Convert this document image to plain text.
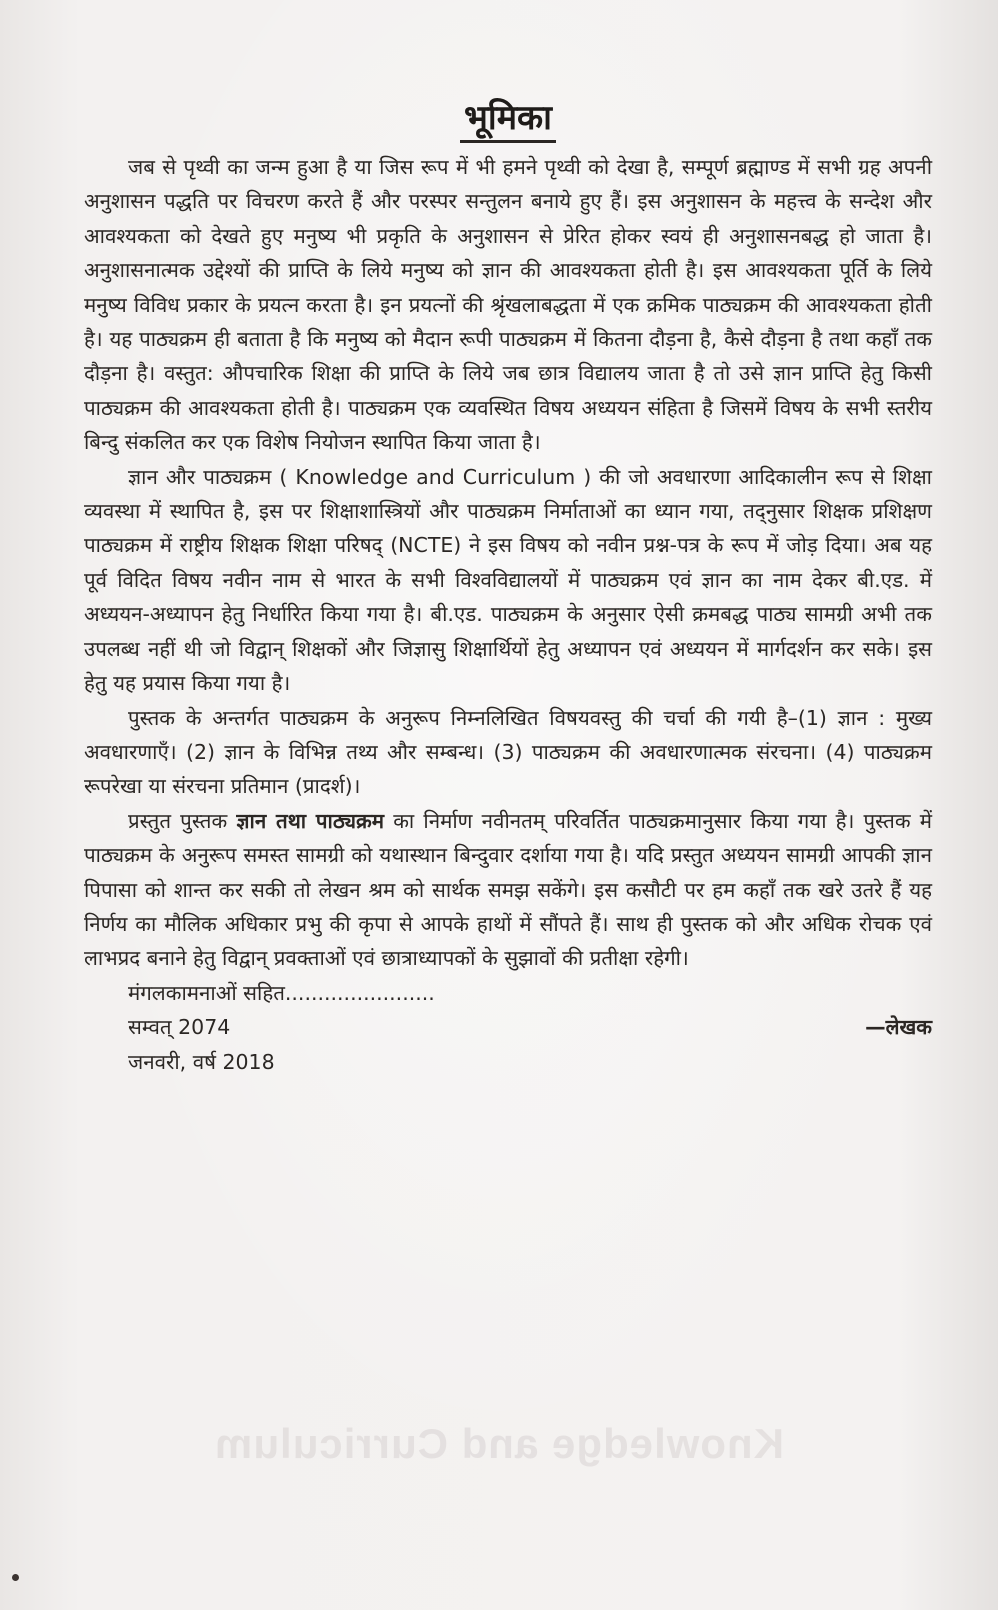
भूमिका

जब से पृथ्वी का जन्म हुआ है या जिस रूप में भी हमने पृथ्वी को देखा है, सम्पूर्ण ब्रह्माण्ड में सभी ग्रह अपनी अनुशासन पद्धति पर विचरण करते हैं और परस्पर सन्तुलन बनाये हुए हैं। इस अनुशासन के महत्त्व के सन्देश और आवश्यकता को देखते हुए मनुष्य भी प्रकृति के अनुशासन से प्रेरित होकर स्वयं ही अनुशासनबद्ध हो जाता है। अनुशासनात्मक उद्देश्यों की प्राप्ति के लिये मनुष्य को ज्ञान की आवश्यकता होती है। इस आवश्यकता पूर्ति के लिये मनुष्य विविध प्रकार के प्रयत्न करता है। इन प्रयत्नों की श्रृंखलाबद्धता में एक क्रमिक पाठ्यक्रम की आवश्यकता होती है। यह पाठ्यक्रम ही बताता है कि मनुष्य को मैदान रूपी पाठ्यक्रम में कितना दौड़ना है, कैसे दौड़ना है तथा कहाँ तक दौड़ना है। वस्तुत: औपचारिक शिक्षा की प्राप्ति के लिये जब छात्र विद्यालय जाता है तो उसे ज्ञान प्राप्ति हेतु किसी पाठ्यक्रम की आवश्यकता होती है। पाठ्यक्रम एक व्यवस्थित विषय अध्ययन संहिता है जिसमें विषय के सभी स्तरीय बिन्दु संकलित कर एक विशेष नियोजन स्थापित किया जाता है।

ज्ञान और पाठ्यक्रम ( Knowledge and Curriculum ) की जो अवधारणा आदिकालीन रूप से शिक्षा व्यवस्था में स्थापित है, इस पर शिक्षाशास्त्रियों और पाठ्यक्रम निर्माताओं का ध्यान गया, तद्नुसार शिक्षक प्रशिक्षण पाठ्यक्रम में राष्ट्रीय शिक्षक शिक्षा परिषद् (NCTE) ने इस विषय को नवीन प्रश्न-पत्र के रूप में जोड़ दिया। अब यह पूर्व विदित विषय नवीन नाम से भारत के सभी विश्वविद्यालयों में पाठ्यक्रम एवं ज्ञान का नाम देकर बी.एड. में अध्ययन-अध्यापन हेतु निर्धारित किया गया है। बी.एड. पाठ्यक्रम के अनुसार ऐसी क्रमबद्ध पाठ्य सामग्री अभी तक उपलब्ध नहीं थी जो विद्वान् शिक्षकों और जिज्ञासु शिक्षार्थियों हेतु अध्यापन एवं अध्ययन में मार्गदर्शन कर सके। इस हेतु यह प्रयास किया गया है।

पुस्तक के अन्तर्गत पाठ्यक्रम के अनुरूप निम्नलिखित विषयवस्तु की चर्चा की गयी है–(1) ज्ञान : मुख्य अवधारणाएँ। (2) ज्ञान के विभिन्न तथ्य और सम्बन्ध। (3) पाठ्यक्रम की अवधारणात्मक संरचना। (4) पाठ्यक्रम रूपरेखा या संरचना प्रतिमान (प्रादर्श)।

प्रस्तुत पुस्तक ज्ञान तथा पाठ्यक्रम का निर्माण नवीनतम् परिवर्तित पाठ्यक्रमानुसार किया गया है। पुस्तक में पाठ्यक्रम के अनुरूप समस्त सामग्री को यथास्थान बिन्दुवार दर्शाया गया है। यदि प्रस्तुत अध्ययन सामग्री आपकी ज्ञान पिपासा को शान्त कर सकी तो लेखन श्रम को सार्थक समझ सकेंगे। इस कसौटी पर हम कहाँ तक खरे उतरे हैं यह निर्णय का मौलिक अधिकार प्रभु की कृपा से आपके हाथों में सौंपते हैं। साथ ही पुस्तक को और अधिक रोचक एवं लाभप्रद बनाने हेतु विद्वान् प्रवक्ताओं एवं छात्राध्यापकों के सुझावों की प्रतीक्षा रहेगी।

मंगलकामनाओं सहित.......................

सम्वत् 2074	—लेखक

जनवरी, वर्ष 2018

Knowledge and Curriculum
